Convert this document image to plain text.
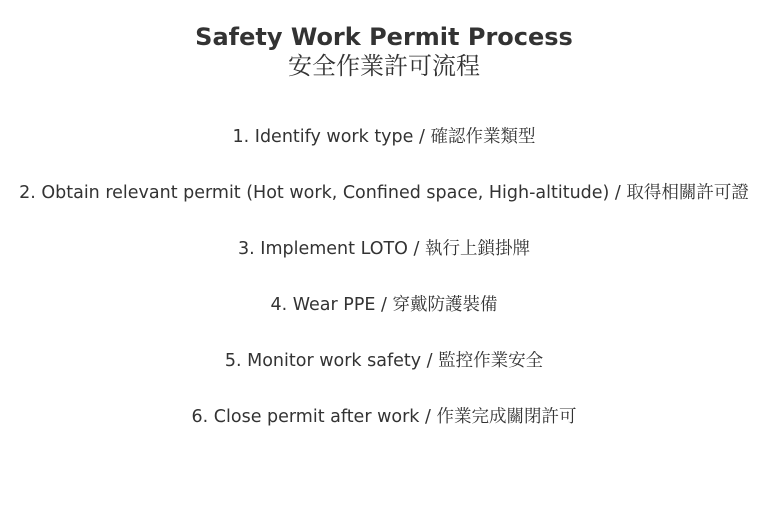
Safety Work Permit Process
安全作業許可流程
1. Identify work type / 確認作業類型
2. Obtain relevant permit (Hot work, Confined space, High-altitude) / 取得相關許可證
3. Implement LOTO / 執行上鎖掛牌
4. Wear PPE / 穿戴防護裝備
5. Monitor work safety / 監控作業安全
6. Close permit after work / 作業完成關閉許可
